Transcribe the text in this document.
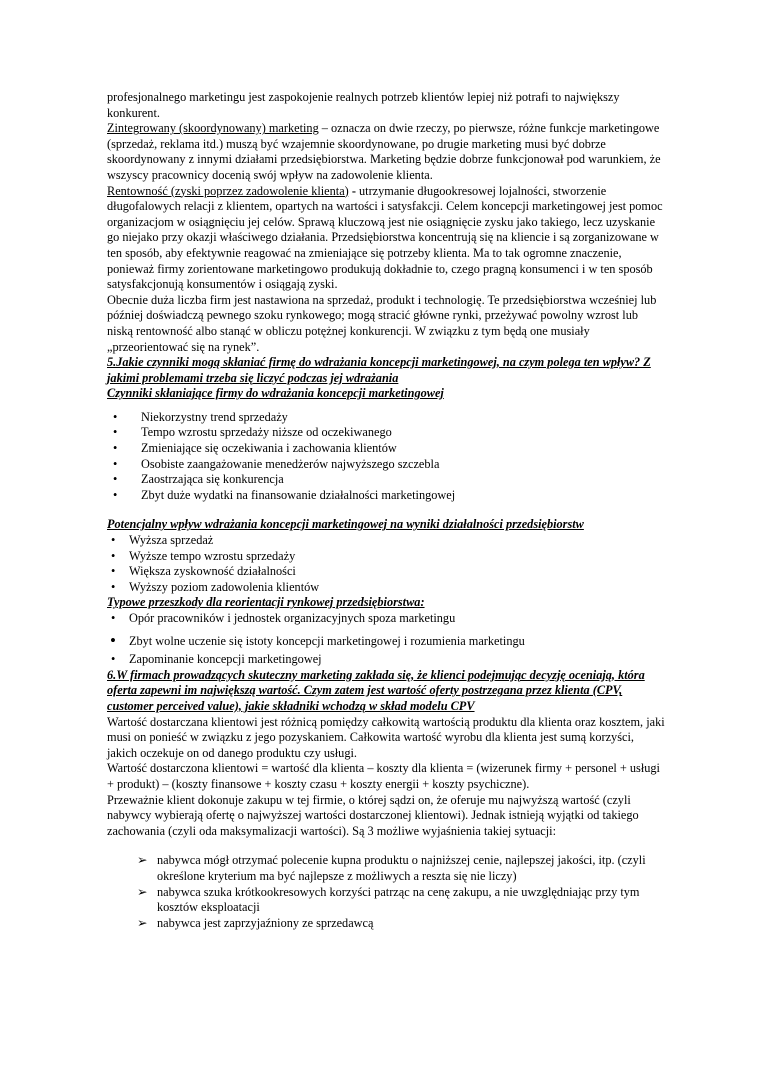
profesjonalnego marketingu jest zaspokojenie realnych potrzeb klientów lepiej niż potrafi to największy konkurent.

Zintegrowany (skoordynowany) marketing – oznacza on dwie rzeczy, po pierwsze, różne funkcje marketingowe (sprzedaż, reklama itd.) muszą być wzajemnie skoordynowane, po drugie marketing musi być dobrze skoordynowany z innymi działami przedsiębiorstwa. Marketing będzie dobrze funkcjonował pod warunkiem, że wszyscy pracownicy docenią swój wpływ na zadowolenie klienta.

Rentowność (zyski poprzez zadowolenie klienta) - utrzymanie długookresowej lojalności, stworzenie długofalowych relacji z klientem, opartych na wartości i satysfakcji. Celem koncepcji marketingowej jest pomoc organizacjom w osiągnięciu jej celów. Sprawą kluczową jest nie osiągnięcie zysku jako takiego, lecz uzyskanie go niejako przy okazji właściwego działania. Przedsiębiorstwa koncentrują się na kliencie i są zorganizowane w ten sposób, aby efektywnie reagować na zmieniające się potrzeby klienta. Ma to tak ogromne znaczenie, ponieważ firmy zorientowane marketingowo produkują dokładnie to, czego pragną konsumenci i w ten sposób satysfakcjonują konsumentów i osiągają zyski.

Obecnie duża liczba firm jest nastawiona na sprzedaż, produkt i technologię. Te przedsiębiorstwa wcześniej lub później doświadczą pewnego szoku rynkowego; mogą stracić główne rynki, przeżywać powolny wzrost lub niską rentowność albo stanąć w obliczu potężnej konkurencji. W związku z tym będą one musiały „przeorientować się na rynek”.

5.Jakie czynniki mogą skłaniać firmę do wdrażania koncepcji marketingowej, na czym polega ten wpływ? Z jakimi problemami trzeba się liczyć podczas jej wdrażania

Czynniki skłaniające firmy do wdrażania koncepcji marketingowej

• Niekorzystny trend sprzedaży
• Tempo wzrostu sprzedaży niższe od oczekiwanego
• Zmieniające się oczekiwania i zachowania klientów
• Osobiste zaangażowanie menedżerów najwyższego szczebla
• Zaostrzająca się konkurencja
• Zbyt duże wydatki na finansowanie działalności marketingowej

Potencjalny wpływ wdrażania koncepcji marketingowej na wyniki działalności przedsiębiorstw

• Wyższa sprzedaż
• Wyższe tempo wzrostu sprzedaży
• Większa zyskowność działalności
• Wyższy poziom zadowolenia klientów

Typowe przeszkody dla reorientacji rynkowej przedsiębiorstwa:

• Opór pracowników i jednostek organizacyjnych spoza marketingu
• Zbyt wolne uczenie się istoty koncepcji marketingowej i rozumienia marketingu
• Zapominanie koncepcji marketingowej

6.W firmach prowadzących skuteczny marketing zakłada się, że klienci podejmując decyzję oceniają, która oferta zapewni im największą wartość. Czym zatem jest wartość oferty postrzegana przez klienta (CPV, customer perceived value), jakie składniki wchodzą w skład modelu CPV

Wartość dostarczana klientowi jest różnicą pomiędzy całkowitą wartością produktu dla klienta oraz kosztem, jaki musi on ponieść w związku z jego pozyskaniem. Całkowita wartość wyrobu dla klienta jest sumą korzyści, jakich oczekuje on od danego produktu czy usługi.

Wartość dostarczona klientowi = wartość dla klienta – koszty dla klienta = (wizerunek firmy + personel + usługi + produkt) – (koszty finansowe + koszty czasu + koszty energii + koszty psychiczne).

Przeważnie klient dokonuje zakupu w tej firmie, o której sądzi on, że oferuje mu najwyższą wartość (czyli nabywcy wybierają ofertę o najwyższej wartości dostarczonej klientowi). Jednak istnieją wyjątki od takiego zachowania (czyli oda maksymalizacji wartości). Są 3 możliwe wyjaśnienia takiej sytuacji:

➢ nabywca mógł otrzymać polecenie kupna produktu o najniższej cenie, najlepszej jakości, itp. (czyli określone kryterium ma być najlepsze z możliwych a reszta się nie liczy)
➢ nabywca szuka krótkookresowych korzyści patrząc na cenę zakupu, a nie uwzględniając przy tym kosztów eksploatacji
➢ nabywca jest zaprzyjaźniony ze sprzedawcą
